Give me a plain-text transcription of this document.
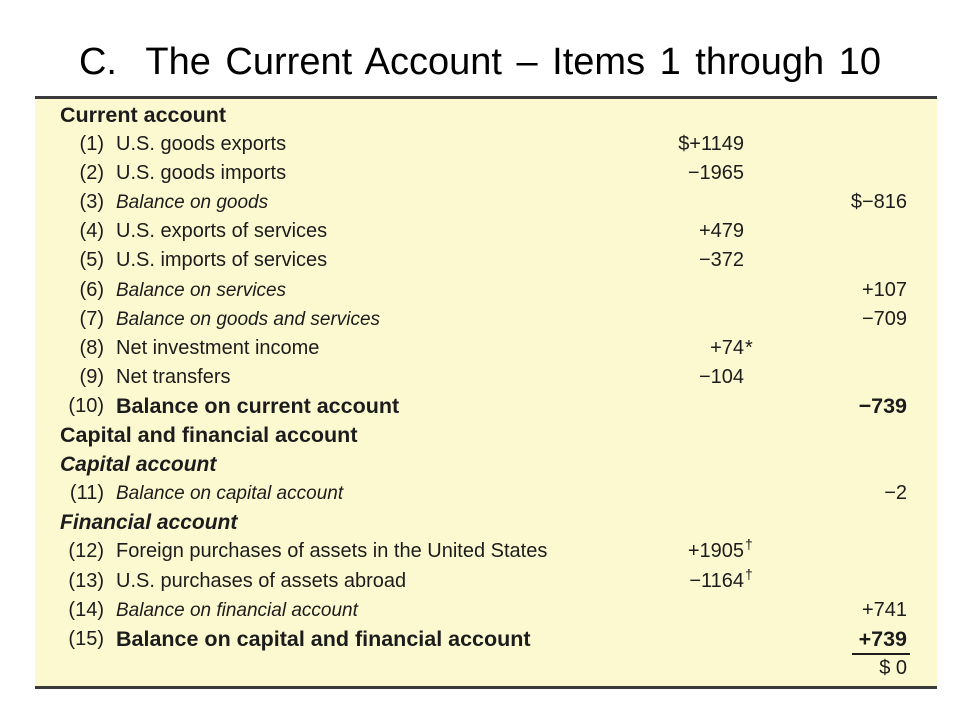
C.  The Current Account – Items 1 through 10
Current account
(1) U.S. goods exports	$+1149
(2) U.S. goods imports	−1965
(3) Balance on goods	$−816
(4) U.S. exports of services	+479
(5) U.S. imports of services	−372
(6) Balance on services	+107
(7) Balance on goods and services	−709
(8) Net investment income	+74 *
(9) Net transfers	−104
(10) Balance on current account	−739
Capital and financial account
Capital account
(11) Balance on capital account	−2
Financial account
(12) Foreign purchases of assets in the United States	+1905 †
(13) U.S. purchases of assets abroad	−1164 †
(14) Balance on financial account	+741
(15) Balance on capital and financial account	+739
$ 0
